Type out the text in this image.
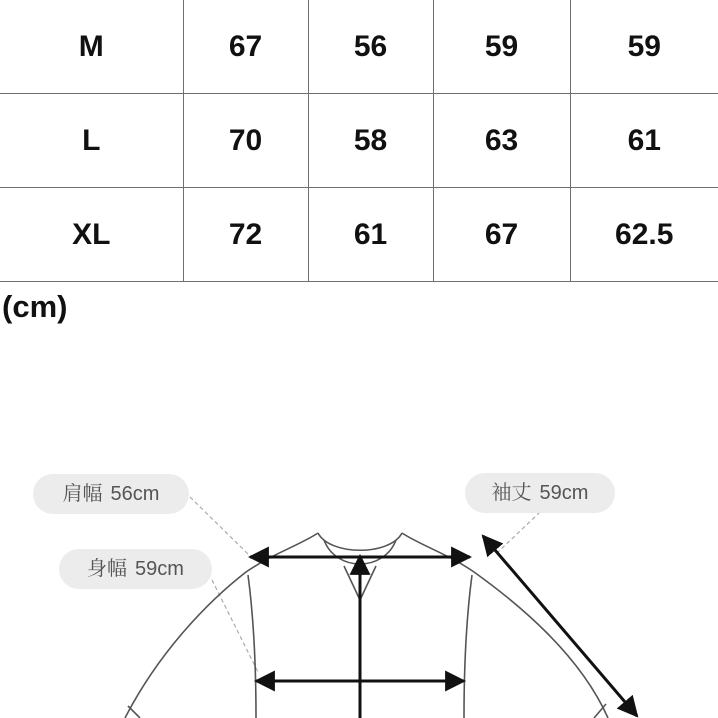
M	67	56	59	59
L	70	58	63	61
XL	72	61	67	62.5
(cm)
肩幅 56cm	袖丈 59cm
身幅 59cm
